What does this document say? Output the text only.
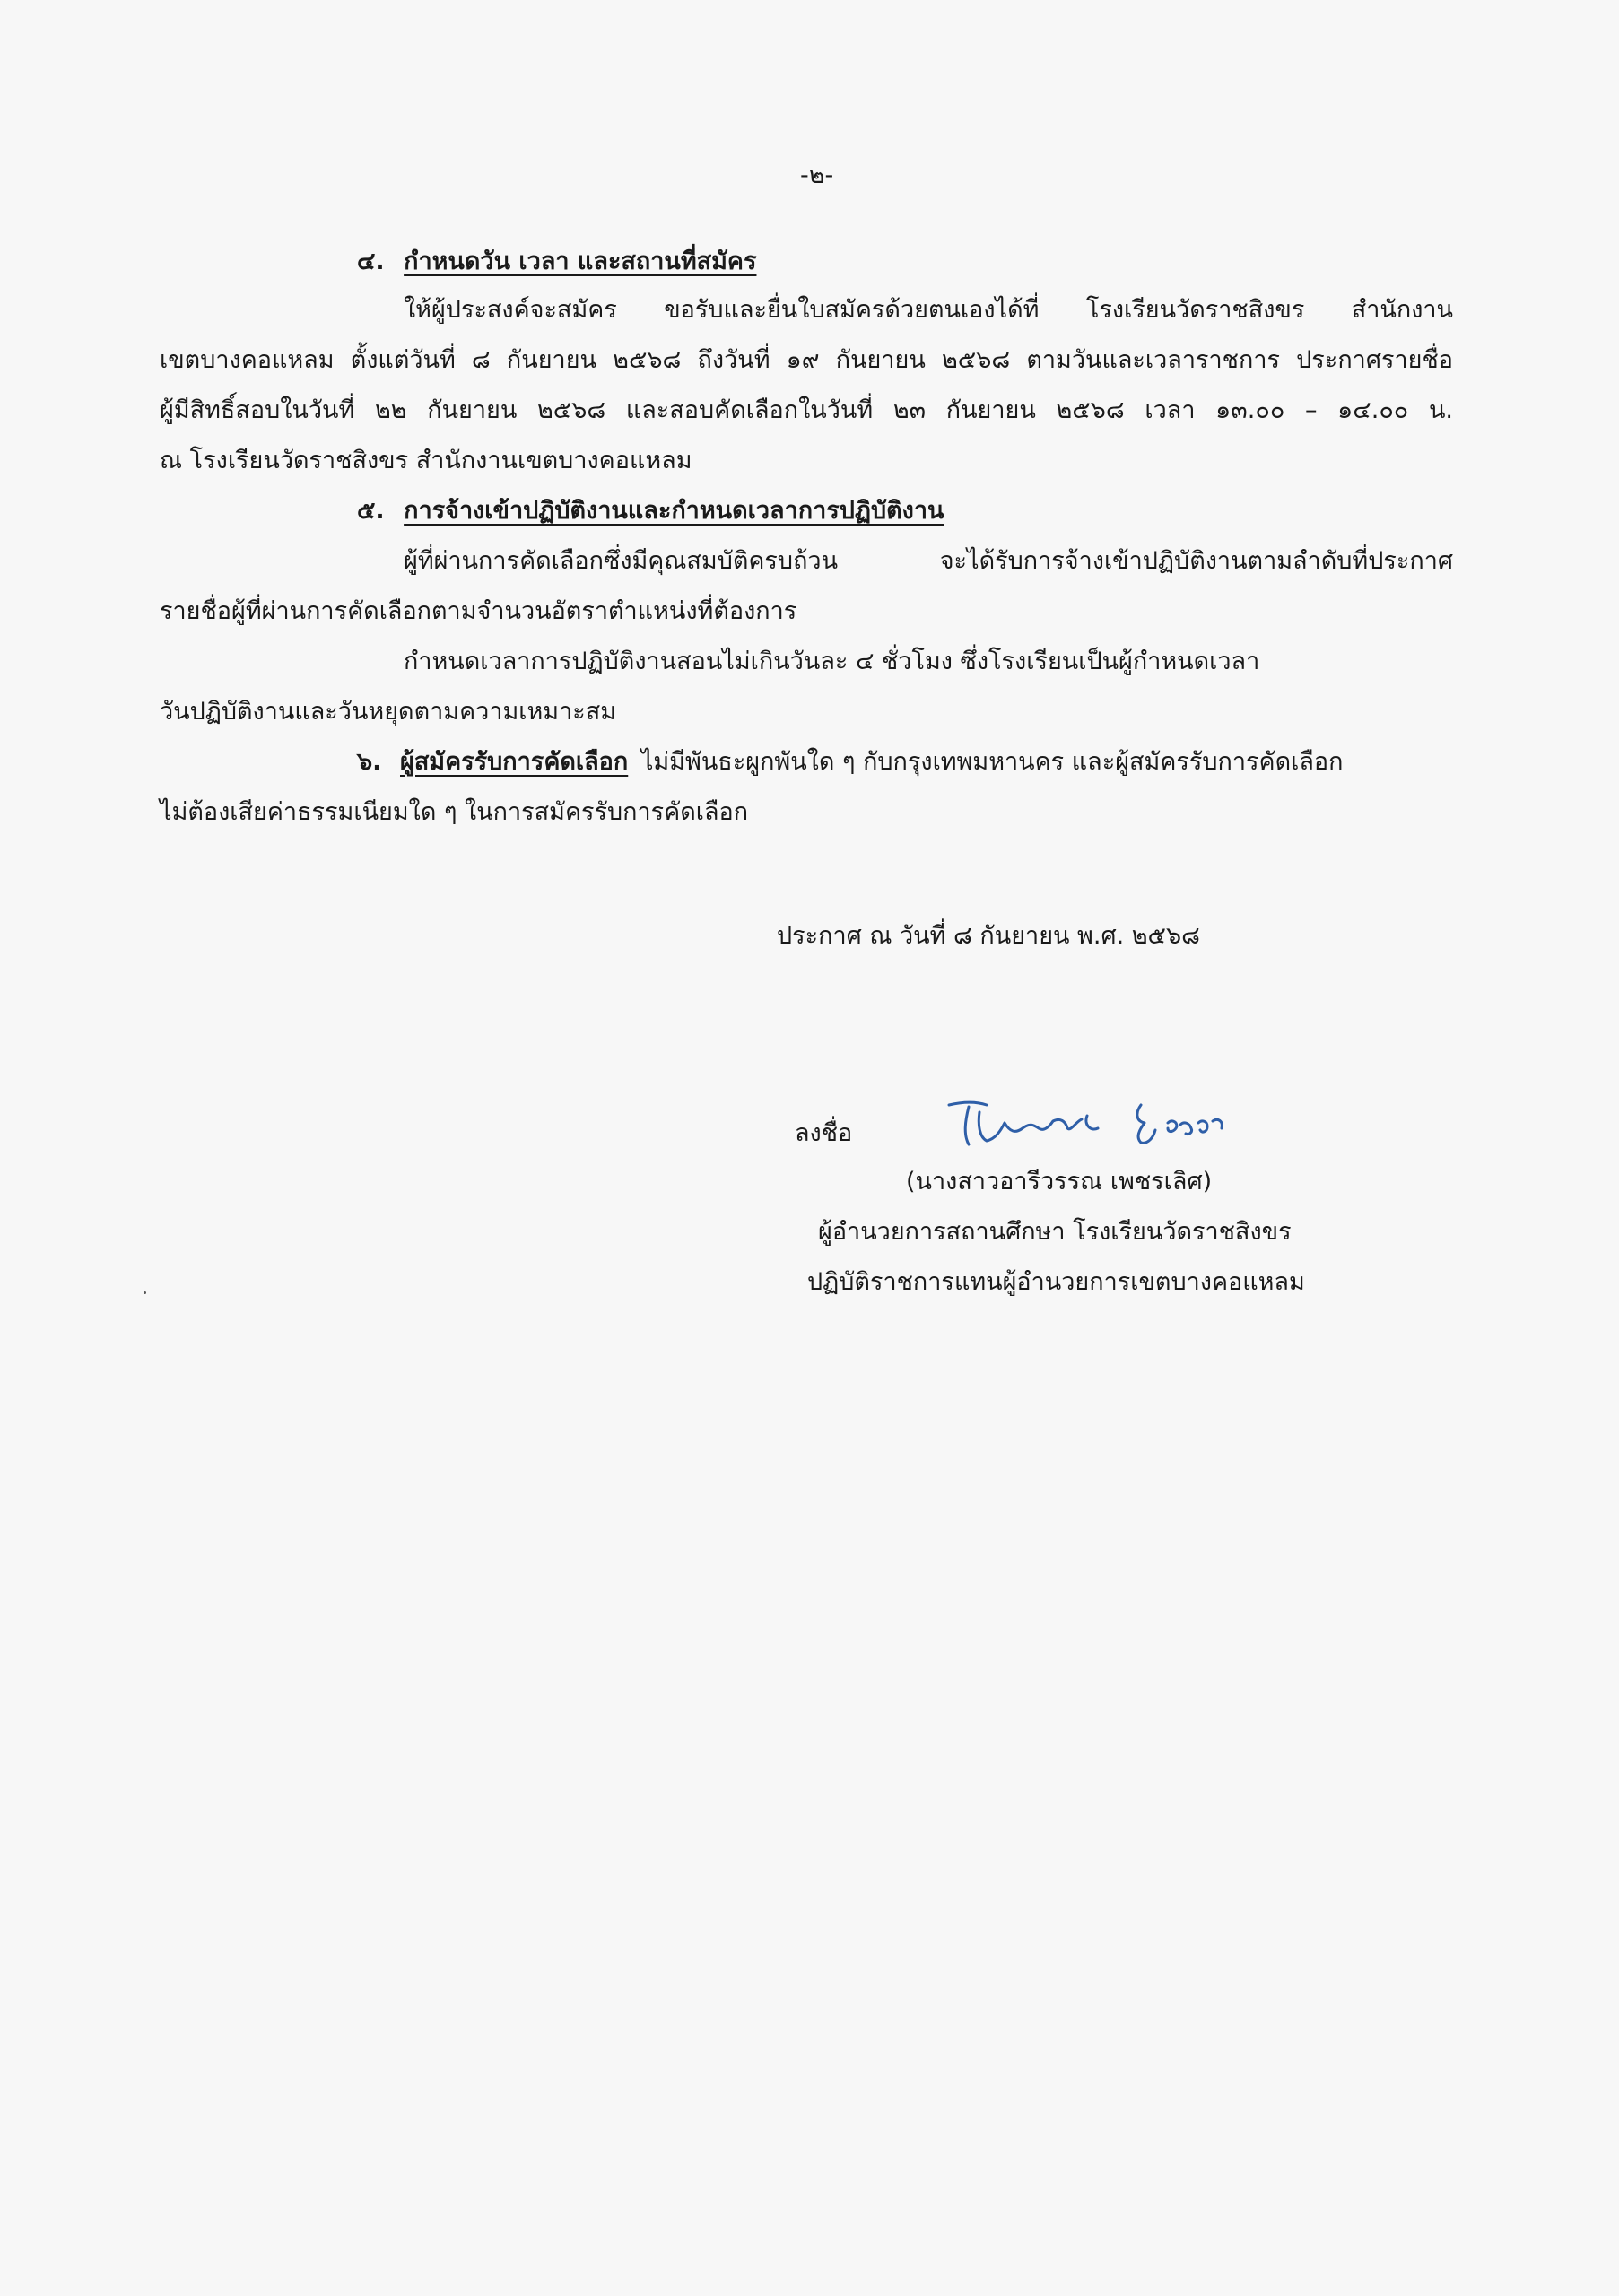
-๒-
๔. กำหนดวัน เวลา และสถานที่สมัคร
ให้ผู้ประสงค์จะสมัคร ขอรับและยื่นใบสมัครด้วยตนเองได้ที่ โรงเรียนวัดราชสิงขร สำนักงาน
เขตบางคอแหลม ตั้งแต่วันที่ ๘ กันยายน ๒๕๖๘ ถึงวันที่ ๑๙ กันยายน ๒๕๖๘ ตามวันและเวลาราชการ ประกาศรายชื่อ
ผู้มีสิทธิ์สอบในวันที่ ๒๒ กันยายน ๒๕๖๘ และสอบคัดเลือกในวันที่ ๒๓ กันยายน ๒๕๖๘ เวลา ๑๓.๐๐ – ๑๔.๐๐ น.
ณ โรงเรียนวัดราชสิงขร สำนักงานเขตบางคอแหลม
๕. การจ้างเข้าปฏิบัติงานและกำหนดเวลาการปฏิบัติงาน
ผู้ที่ผ่านการคัดเลือกซึ่งมีคุณสมบัติครบถ้วน จะได้รับการจ้างเข้าปฏิบัติงานตามลำดับที่ประกาศ
รายชื่อผู้ที่ผ่านการคัดเลือกตามจำนวนอัตราตำแหน่งที่ต้องการ
กำหนดเวลาการปฏิบัติงานสอนไม่เกินวันละ ๔ ชั่วโมง ซึ่งโรงเรียนเป็นผู้กำหนดเวลา
วันปฏิบัติงานและวันหยุดตามความเหมาะสม
๖. ผู้สมัครรับการคัดเลือก ไม่มีพันธะผูกพันใด ๆ กับกรุงเทพมหานคร และผู้สมัครรับการคัดเลือก
ไม่ต้องเสียค่าธรรมเนียมใด ๆ ในการสมัครรับการคัดเลือก
ประกาศ ณ วันที่ ๘ กันยายน พ.ศ. ๒๕๖๘
ลงชื่อ
(นางสาวอารีวรรณ เพชรเลิศ)
ผู้อำนวยการสถานศึกษา โรงเรียนวัดราชสิงขร
ปฏิบัติราชการแทนผู้อำนวยการเขตบางคอแหลม
